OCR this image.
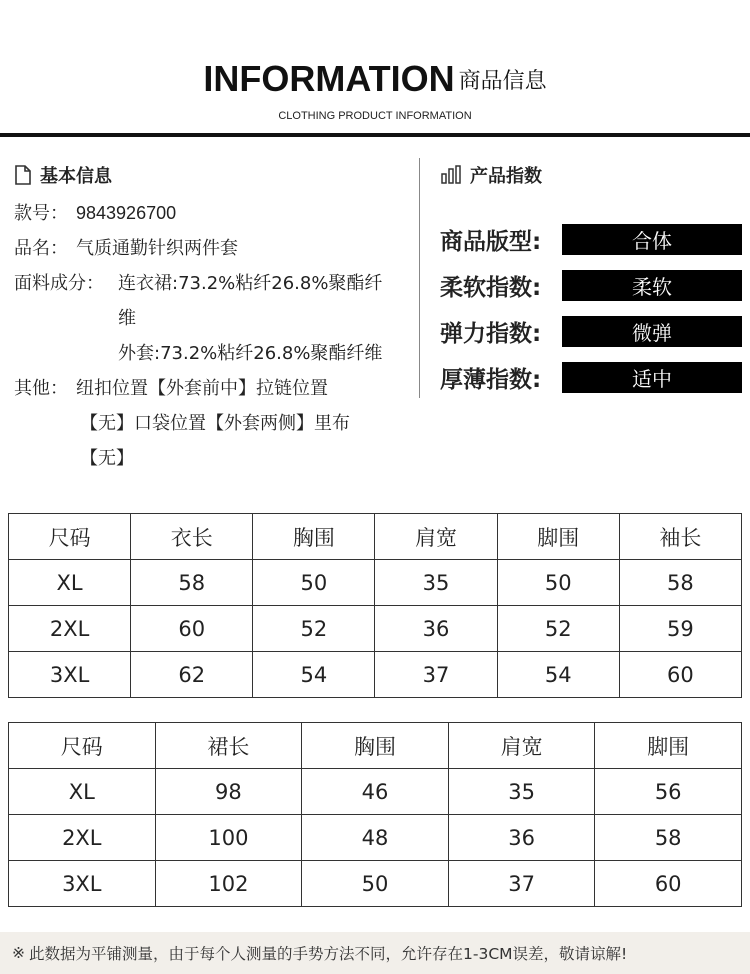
INFORMATION 商品信息
CLOTHING PRODUCT INFORMATION
基本信息
款号： 9843926700
品名： 气质通勤针织两件套
面料成分： 连衣裙:73.2%粘纤26.8%聚酯纤
维
外套:73.2%粘纤26.8%聚酯纤维
其他： 纽扣位置【外套前中】拉链位置
【无】口袋位置【外套两侧】里布
【无】
产品指数
商品版型:	合体
柔软指数:	柔软
弹力指数:	微弹
厚薄指数:	适中
尺码	衣长	胸围	肩宽	脚围	袖长
XL	58	50	35	50	58
2XL	60	52	36	52	59
3XL	62	54	37	54	60
尺码	裙长	胸围	肩宽	脚围
XL	98	46	35	56
2XL	100	48	36	58
3XL	102	50	37	60
※ 此数据为平铺测量，由于每个人测量的手势方法不同，允许存在1-3CM误差，敬请谅解!
